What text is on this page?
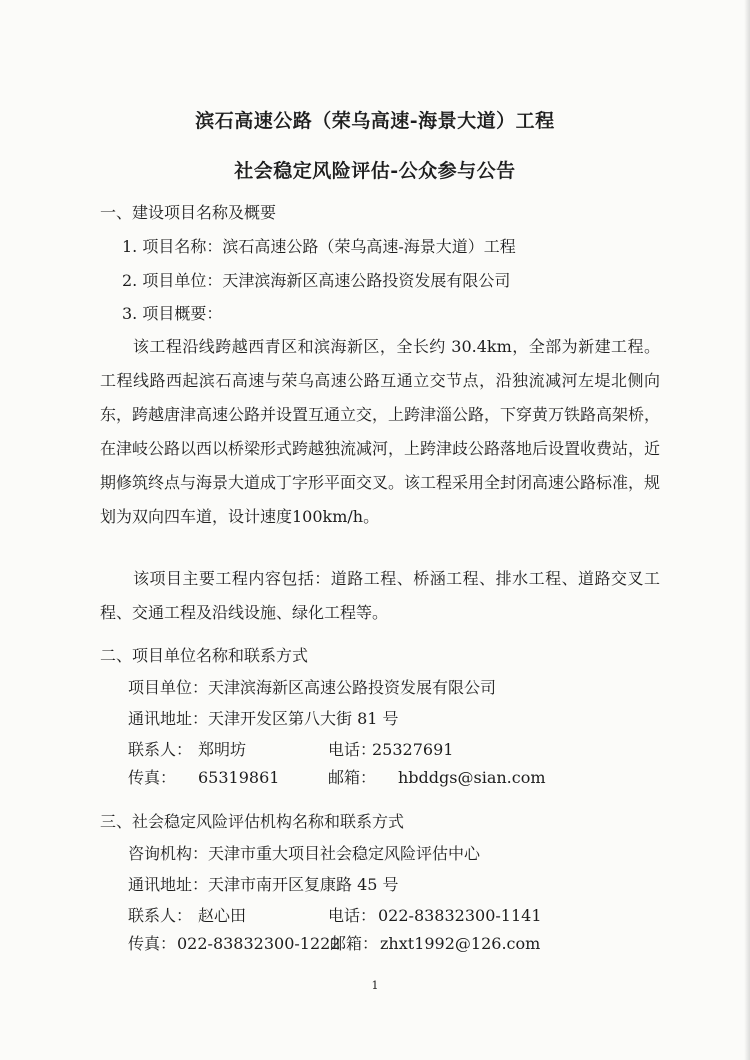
滨石高速公路（荣乌高速-海景大道）工程
社会稳定风险评估-公众参与公告
一、建设项目名称及概要
1. 项目名称：滨石高速公路（荣乌高速-海景大道）工程
2. 项目单位：天津滨海新区高速公路投资发展有限公司
3. 项目概要：
　　该工程沿线跨越西青区和滨海新区，全长约 30.4km，全部为新建工程。工程线路西起滨石高速与荣乌高速公路互通立交节点，沿独流减河左堤北侧向东，跨越唐津高速公路并设置互通立交，上跨津淄公路，下穿黄万铁路高架桥，在津岐公路以西以桥梁形式跨越独流减河，上跨津歧公路落地后设置收费站，近期修筑终点与海景大道成丁字形平面交叉。该工程采用全封闭高速公路标准，规划为双向四车道，设计速度100km/h。
　　该项目主要工程内容包括：道路工程、桥涵工程、排水工程、道路交叉工程、交通工程及沿线设施、绿化工程等。
二、项目单位名称和联系方式
项目单位：天津滨海新区高速公路投资发展有限公司
通讯地址：天津开发区第八大街 81 号
联系人： 郑明坊	电话：
25327691
传真： 65319861	邮箱： hbddgs@sian.com
三、社会稳定风险评估机构名称和联系方式
咨询机构：天津市重大项目社会稳定风险评估中心
通讯地址：天津市南开区复康路 45 号
联系人： 赵心田	电话： 022-83832300-1141
传真： 022-83832300-1222
邮箱： zhxt1992@126.com
1
